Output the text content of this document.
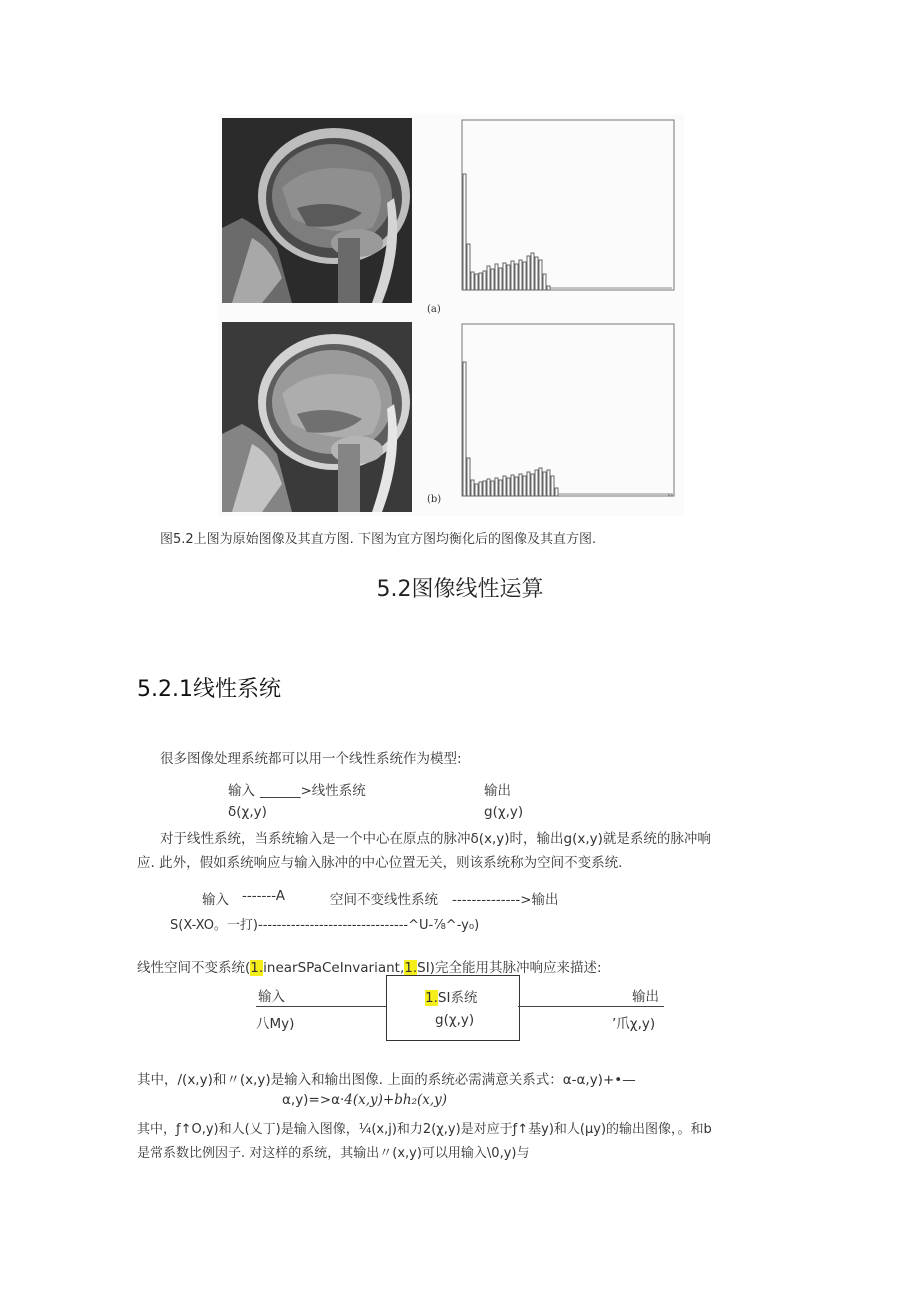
(a)
(b)
图5.2上图为原始图像及其直方图. 下图为宜方图均衡化后的图像及其直方图.
5.2图像线性运算
5.2.1线性系统
很多图像处理系统都可以用一个线性系统作为模型:
输入 ______>线性系统	输出
δ(χ,y)	g(χ,y)
对于线性系统，当系统输入是一个中心在原点的脉冲δ(x,y)时，输出g(x,y)就是系统的脉冲响
应. 此外，假如系统响应与输入脉冲的中心位置无关，则该系统称为空间不变系统.
输入 -------A	空间不变线性系统 -------------->输出
S(X-XO。一打)--------------------------------^U-⅞^-y₀)
线性空间不变系统(1.inearSPaCeInvariant,1.SI)完全能用其脉冲响应来描述:
输入
八My)
1.SI系统
g(χ,y)
输出
’爪χ,y)
其中，/(x,y)和〃(x,y)是输入和输出图像. 上面的系统必需满意关系式：α-α,y)+•—
α,y)=>α·4(x,y)+bh₂(x,y)
其中，ƒ↑O,y)和人(乂丁)是输入图像，¼(x,j)和力2(χ,y)是对应于ƒ↑基y)和人(μy)的输出图像，。和b
是常系数比例因子. 对这样的系统，其输出〃(x,y)可以用输入\0,y)与
